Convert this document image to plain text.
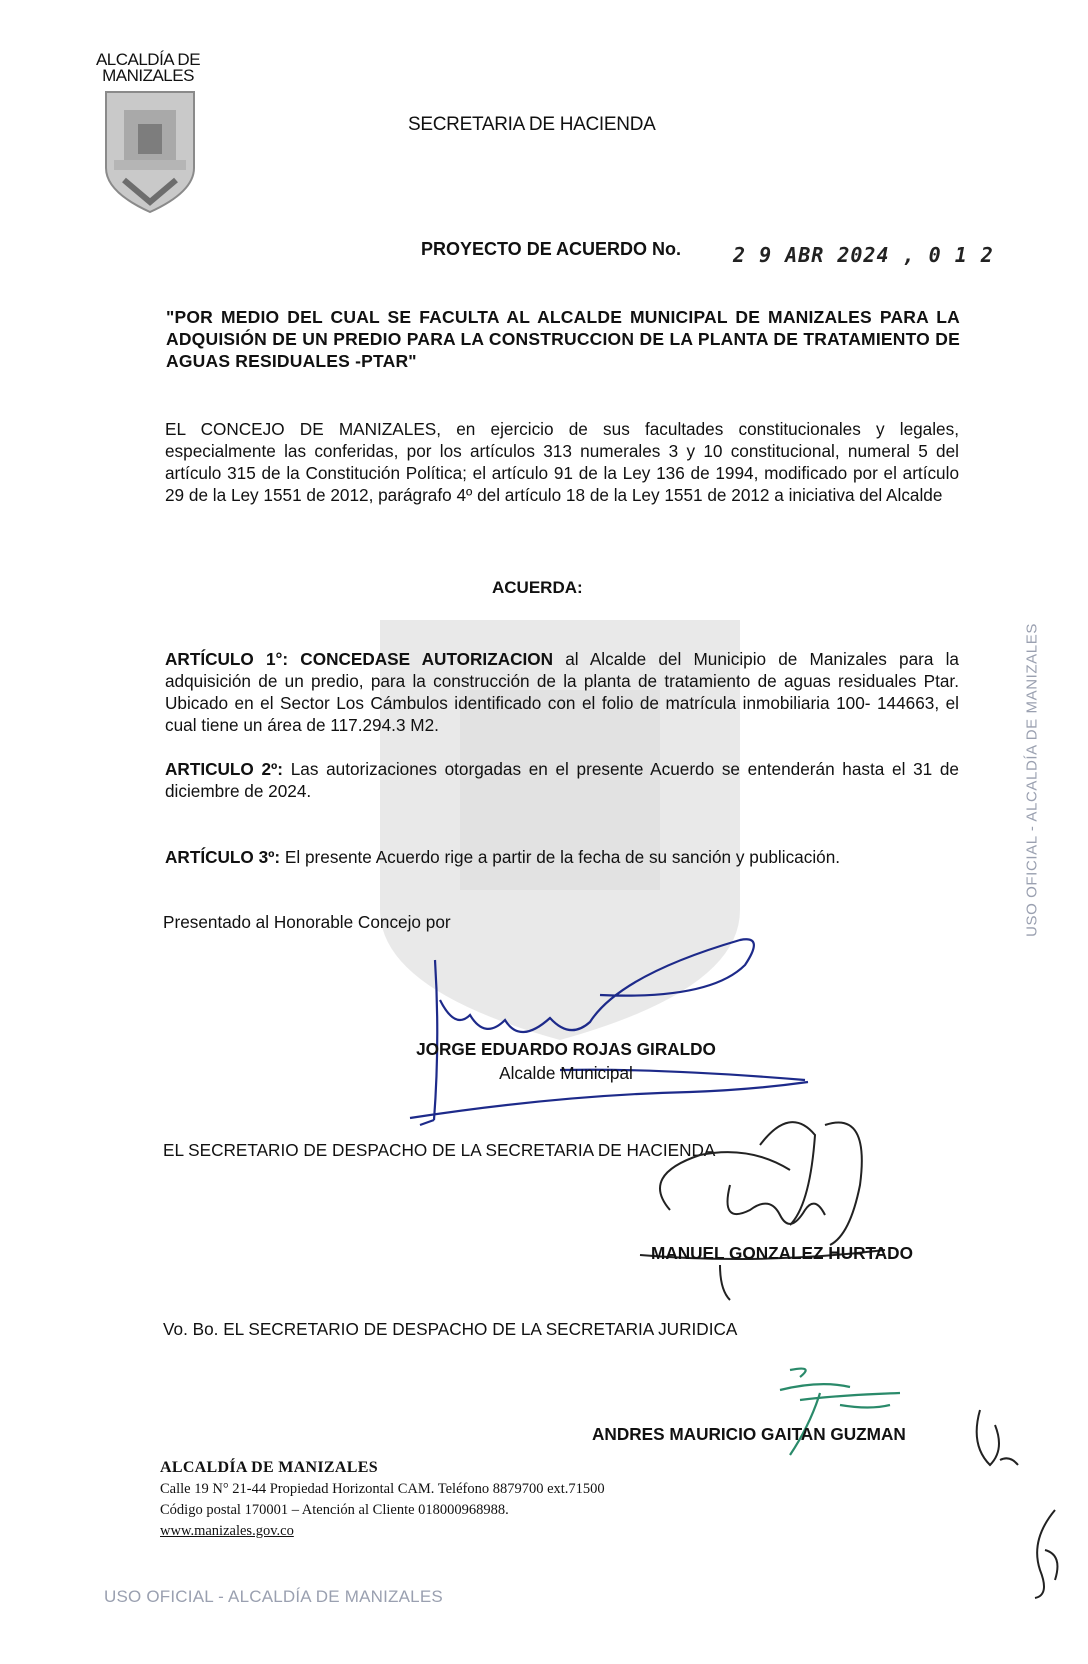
ALCALDÍA DE
MANIZALES
SECRETARIA DE HACIENDA
PROYECTO DE ACUERDO No.	2 9 ABR 2024 , 0 1 2
"POR MEDIO DEL CUAL SE FACULTA AL ALCALDE MUNICIPAL DE MANIZALES PARA LA ADQUISIÓN DE UN PREDIO PARA LA CONSTRUCCION DE LA PLANTA DE TRATAMIENTO DE AGUAS RESIDUALES -PTAR"
EL CONCEJO DE MANIZALES, en ejercicio de sus facultades constitucionales y legales, especialmente las conferidas, por los artículos 313 numerales 3 y 10 constitucional, numeral 5 del artículo 315 de la Constitución Política; el artículo 91 de la Ley 136 de 1994, modificado por el artículo 29 de la Ley 1551 de 2012, parágrafo 4º del artículo 18 de la Ley 1551 de 2012 a iniciativa del Alcalde
ACUERDA:
ARTÍCULO 1°: CONCEDASE AUTORIZACION al Alcalde del Municipio de Manizales para la adquisición de un predio, para la construcción de la planta de tratamiento de aguas residuales Ptar. Ubicado en el Sector Los Cámbulos identificado con el folio de matrícula inmobiliaria 100- 144663, el cual tiene un área de 117.294.3 M2.
ARTICULO 2º: Las autorizaciones otorgadas en el presente Acuerdo se entenderán hasta el 31 de diciembre de 2024.
ARTÍCULO 3º: El presente Acuerdo rige a partir de la fecha de su sanción y publicación.
Presentado al Honorable Concejo por
JORGE EDUARDO ROJAS GIRALDO
Alcalde Municipal
EL SECRETARIO DE DESPACHO DE LA SECRETARIA DE HACIENDA
MANUEL GONZALEZ HURTADO
Vo. Bo. EL SECRETARIO DE DESPACHO DE LA SECRETARIA JURIDICA
ANDRES MAURICIO GAITAN GUZMAN
ALCALDÍA DE MANIZALES
Calle 19 N° 21-44 Propiedad Horizontal CAM. Teléfono 8879700 ext.71500
Código postal 170001 – Atención al Cliente 018000968988.
www.manizales.gov.co
USO OFICIAL - ALCALDÍA DE MANIZALES
USO OFICIAL - ALCALDÍA DE MANIZALES
